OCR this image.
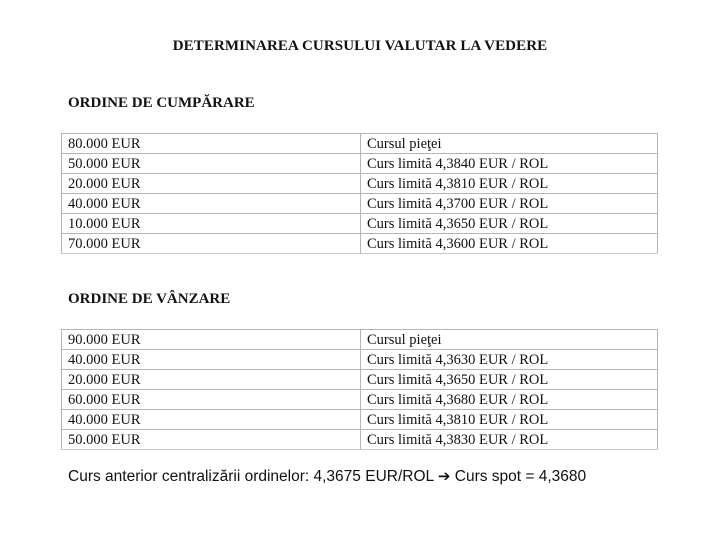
DETERMINAREA CURSULUI VALUTAR LA VEDERE
ORDINE DE CUMPĂRARE
80.000 EUR	Cursul pieţei
50.000 EUR	Curs limită 4,3840 EUR / ROL
20.000 EUR	Curs limită 4,3810 EUR / ROL
40.000 EUR	Curs limită 4,3700 EUR / ROL
10.000 EUR	Curs limită 4,3650 EUR / ROL
70.000 EUR	Curs limită 4,3600 EUR / ROL
ORDINE DE VÂNZARE
90.000 EUR	Cursul pieţei
40.000 EUR	Curs limită 4,3630 EUR / ROL
20.000 EUR	Curs limită 4,3650 EUR / ROL
60.000 EUR	Curs limită 4,3680 EUR / ROL
40.000 EUR	Curs limită 4,3810 EUR / ROL
50.000 EUR	Curs limită 4,3830 EUR / ROL
Curs anterior centralizării ordinelor: 4,3675 EUR/ROL ➔ Curs spot = 4,3680
